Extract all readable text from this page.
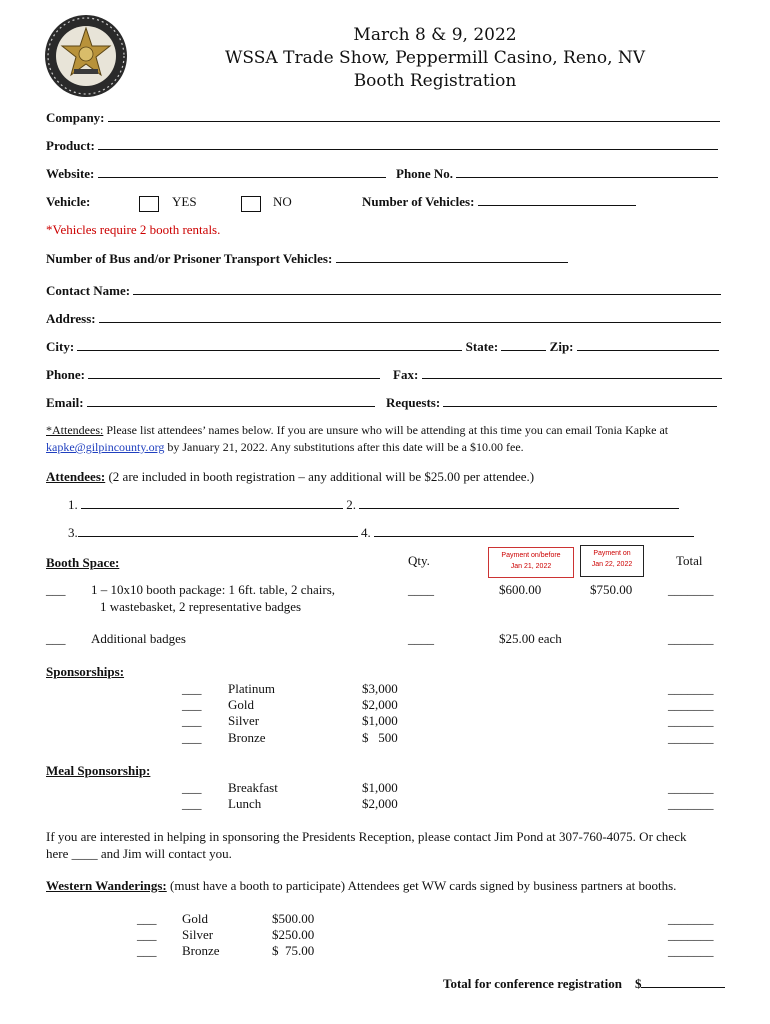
March 8 & 9, 2022
WSSA Trade Show, Peppermill Casino, Reno, NV
Booth Registration
Company:
Product:
Website:	Phone No.
Vehicle:	YES	NO	Number of Vehicles:
*Vehicles require 2 booth rentals.
Number of Bus and/or Prisoner Transport Vehicles:
Contact Name:
Address:
City:	State:	Zip:
Phone:	Fax:
Email:	Requests:
*Attendees: Please list attendees’ names below. If you are unsure who will be attending at this time you can email Tonia Kapke at
kapke@gilpincounty.org by January 21, 2022. Any substitutions after this date will be a $10.00 fee.
Attendees: (2 are included in booth registration – any additional will be $25.00 per attendee.)
1.	2.
3.	4.
Booth Space:	Qty.	Payment on/before
Jan 21, 2022
Payment on
Jan 22, 2022	Total
___ 1 – 10x10 booth package: 1 6ft. table, 2 chairs,
1 wastebasket, 2 representative badges
____	$600.00	$750.00	_______
___ Additional badges	____	$25.00 each	_______
Sponsorships:
___ Platinum	$3,000	_______
___ Gold	$2,000	_______
___ Silver	$1,000	_______
___ Bronze	$   500	_______
Meal Sponsorship:
___ Breakfast	$1,000	_______
___ Lunch	$2,000	_______
If you are interested in helping in sponsoring the Presidents Reception, please contact Jim Pond at 307-760-4075. Or check
here ____ and Jim will contact you.
Western Wanderings: (must have a booth to participate) Attendees get WW cards signed by business partners at booths.
___ Gold	$500.00	_______
___ Silver	$250.00	_______
___ Bronze	$  75.00	_______
Total for conference registration $
